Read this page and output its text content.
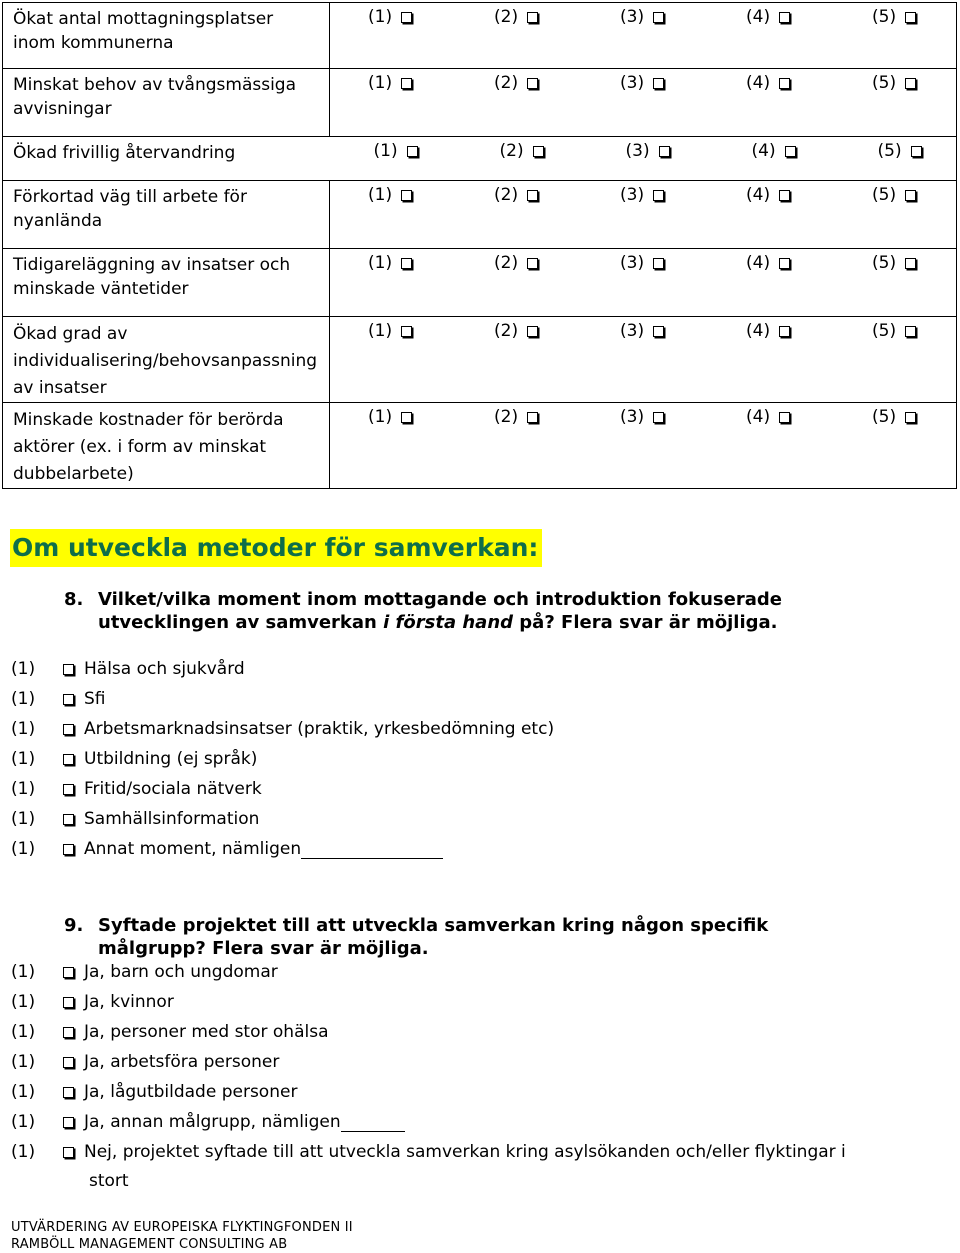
Ökat antal mottagningsplatser inom kommunerna	(1) (2) (3) (4) (5)

Minskat behov av tvångsmässiga avvisningar	(1) (2) (3) (4) (5)

Ökad frivillig återvandring	(1) (2) (3) (4) (5)

Förkortad väg till arbete för nyanlända	(1) (2) (3) (4) (5)

Tidigareläggning av insatser och minskade väntetider	(1) (2) (3) (4) (5)

Ökad grad av individualisering/behovsanpassning av insatser	(1) (2) (3) (4) (5)

Minskade kostnader för berörda aktörer (ex. i form av minskat dubbelarbete)	(1) (2) (3) (4) (5)
Om utveckla metoder för samverkan:
8. Vilket/vilka moment inom mottagande och introduktion fokuserade
utvecklingen av samverkan i första hand på? Flera svar är möjliga.
(1)	Hälsa och sjukvård
(1)	Sfi
(1)	Arbetsmarknadsinsatser (praktik, yrkesbedömning etc)
(1)	Utbildning (ej språk)
(1)	Fritid/sociala nätverk
(1)	Samhällsinformation
(1)	Annat moment, nämligen
9. Syftade projektet till att utveckla samverkan kring någon specifik
målgrupp? Flera svar är möjliga.
(1)	Ja, barn och ungdomar
(1)	Ja, kvinnor
(1)	Ja, personer med stor ohälsa
(1)	Ja, arbetsföra personer
(1)	Ja, lågutbildade personer
(1)	Ja, annan målgrupp, nämligen
(1)	Nej, projektet syftade till att utveckla samverkan kring asylsökanden och/eller flyktingar i
stort
UTVÄRDERING AV EUROPEISKA FLYKTINGFONDEN II
RAMBÖLL MANAGEMENT CONSULTING AB
